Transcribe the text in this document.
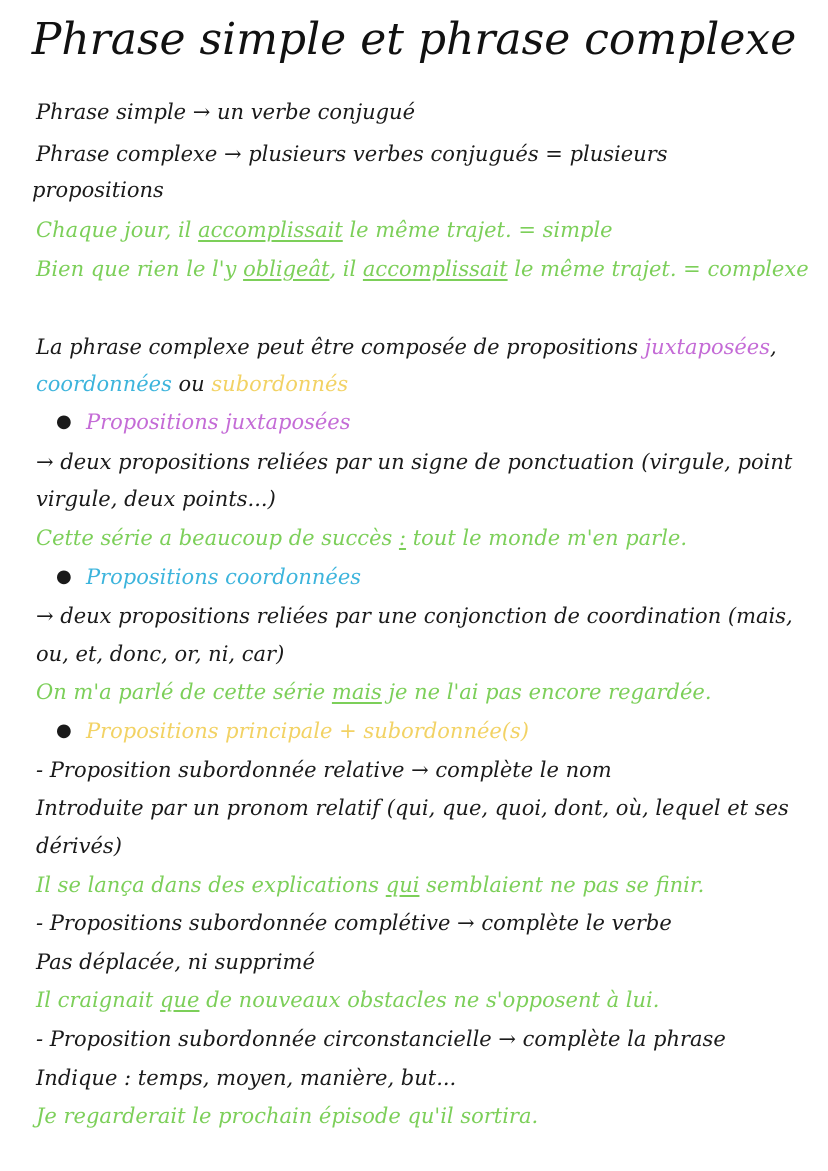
Phrase simple et phrase complexe
Phrase simple → un verbe conjugué
Phrase complexe → plusieurs verbes conjugués = plusieurs
propositions
Chaque jour, il accomplissait le même trajet. = simple
Bien que rien le l'y obligeât, il accomplissait le même trajet. = complexe
La phrase complexe peut être composée de propositions juxtaposées,
coordonnées ou subordonnés
● Propositions juxtaposées
→ deux propositions reliées par un signe de ponctuation (virgule, point
virgule, deux points...)
Cette série a beaucoup de succès : tout le monde m'en parle.
● Propositions coordonnées
→ deux propositions reliées par une conjonction de coordination (mais,
ou, et, donc, or, ni, car)
On m'a parlé de cette série mais je ne l'ai pas encore regardée.
● Propositions principale + subordonnée(s)
- Proposition subordonnée relative → complète le nom
Introduite par un pronom relatif (qui, que, quoi, dont, où, lequel et ses
dérivés)
Il se lança dans des explications qui semblaient ne pas se finir.
- Propositions subordonnée complétive → complète le verbe
Pas déplacée, ni supprimé
Il craignait que de nouveaux obstacles ne s'opposent à lui.
- Proposition subordonnée circonstancielle → complète la phrase
Indique : temps, moyen, manière, but...
Je regarderait le prochain épisode qu'il sortira.
